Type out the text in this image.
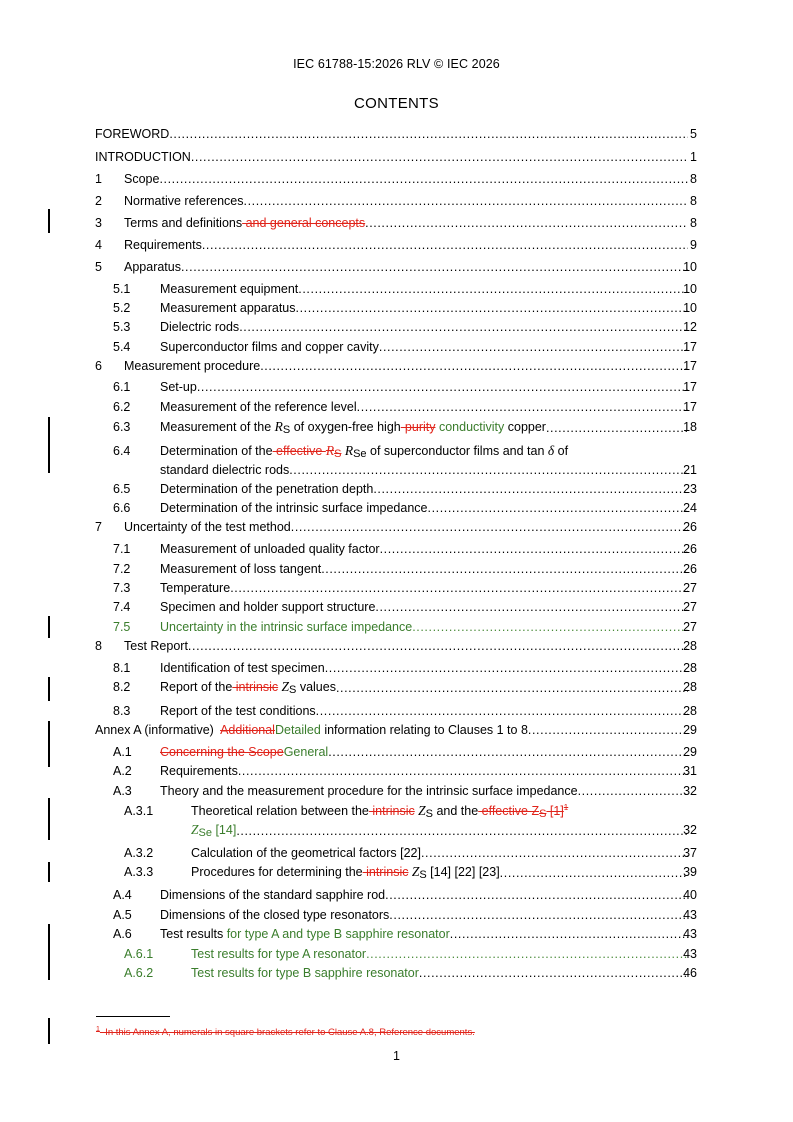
IEC 61788-15:2026 RLV © IEC 2026
CONTENTS
FOREWORD .....	5
INTRODUCTION .....	1
1 Scope .....	8
2 Normative references .....	8
3 Terms and definitions and general concepts .....	8
4 Requirements .....	9
5 Apparatus .....	10
5.1 Measurement equipment .....	10
5.2 Measurement apparatus .....	10
5.3 Dielectric rods .....	12
5.4 Superconductor films and copper cavity .....	17
6 Measurement procedure .....	17
6.1 Set-up .....	17
6.2 Measurement of the reference level .....	17
6.3 Measurement of the RS of oxygen-free high-purity conductivity copper .....	18
6.4 Determination of the effective RS RSe of superconductor films and tan δ of
standard dielectric rods .....	21
6.5 Determination of the penetration depth .....	23
6.6 Determination of the intrinsic surface impedance .....	24
7 Uncertainty of the test method .....	26
7.1 Measurement of unloaded quality factor .....	26
7.2 Measurement of loss tangent .....	26
7.3 Temperature .....	27
7.4 Specimen and holder support structure .....	27
7.5 Uncertainty in the intrinsic surface impedance .....	27
8 Test Report .....	28
8.1 Identification of test specimen .....	28
8.2 Report of the intrinsic ZS values .....	28
8.3 Report of the test conditions .....	28
Annex A (informative)  AdditionalDetailed information relating to Clauses 1 to 8 .....	29
A.1 Concerning the ScopeGeneral .....	29
A.2 Requirements .....	31
A.3 Theory and the measurement procedure for the intrinsic surface impedance .....	32
A.3.1	Theoretical relation between the intrinsic ZS and the effective ZS $[1]^1$
ZSe [14] .....	32
A.3.2	Calculation of the geometrical factors [22] .....	37
A.3.3	Procedures for determining the intrinsic ZS [14] [22] [23] .....	39
A.4 Dimensions of the standard sapphire rod .....	40
A.5 Dimensions of the closed type resonators .....	43
A.6 Test results for type A and type B sapphire resonator .....	43
A.6.1	Test results for type A resonator .....	43
A.6.2	Test results for type B sapphire resonator .....	46
$^1$  In this Annex A, numerals in square brackets refer to Clause A.8, Reference documents.
1
